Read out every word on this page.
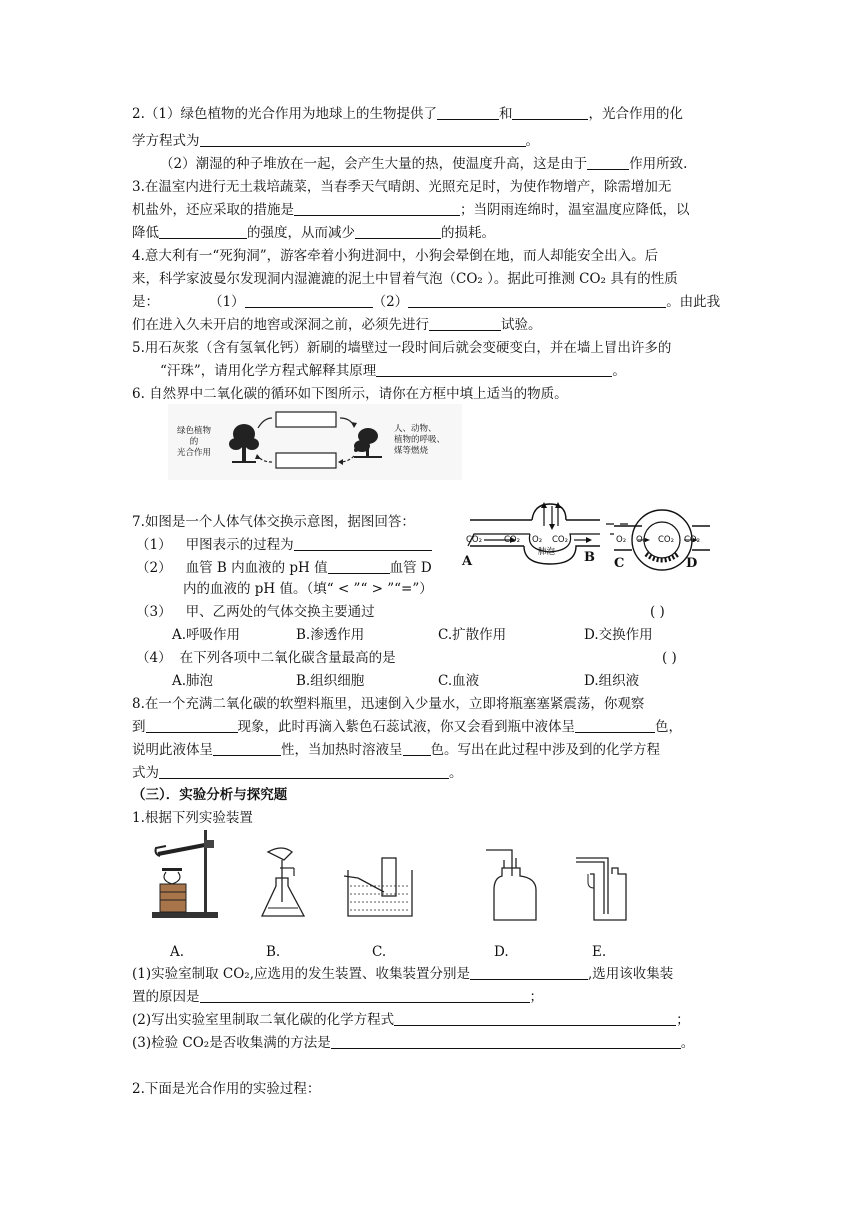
2.（1）绿色植物的光合作用为地球上的生物提供了	和	，光合作用的化
学方程式为	。
（2）潮湿的种子堆放在一起，会产生大量的热，使温度升高，这是由于	作用所致.
3.在温室内进行无土栽培蔬菜，当春季天气晴朗、光照充足时，为使作物增产，除需增加无
机盐外，还应采取的措施是	；当阴雨连绵时，温室温度应降低，以
降低	的强度，从而减少	的损耗。
4.意大利有一“死狗洞”，游客牵着小狗进洞中，小狗会晕倒在地，而人却能安全出入。后
来，科学家波曼尔发现洞内湿漉漉的泥土中冒着气泡（CO₂ ）。据此可推测 CO₂ 具有的性质
是：	（1）	（2）	。由此我
们在进入久未开启的地窖或深洞之前，必须先进行	试验。
5.用石灰浆（含有氢氧化钙）新刷的墙壁过一段时间后就会变硬变白，并在墙上冒出许多的
“汗珠”，请用化学方程式解释其原理	。
6. 自然界中二氧化碳的循环如下图所示，请你在方框中填上适当的物质。
绿色植物
的
光合作用
人、动物、
植物的呼吸、
煤等燃烧
7.如图是一个人体气体交换示意图，据图回答：
（1） 甲图表示的过程为
（2） 血管 B 内血液的 pH 值	血管 D
内的血液的 pH 值。（填“ < ”“ > ”“=”）
（3） 甲、乙两处的气体交换主要通过	( )
A.呼吸作用	B.渗透作用	C.扩散作用	D.交换作用
（4） 在下列各项中二氧化碳含量最高的是	( )
A.肺泡	B.组织细胞	C.血液	D.组织液
CO₂	CO₂ O₂ CO₂
肺泡
A	B
O₂ O₂ CO₂ CO₂
C	D
8.在一个充满二氧化碳的软塑料瓶里，迅速倒入少量水，立即将瓶塞塞紧震荡，你观察
到	现象，此时再滴入紫色石蕊试液，你又会看到瓶中液体呈	色，
说明此液体呈	性，当加热时溶液呈 色。写出在此过程中涉及到的化学方程
式为	。
（三）．实验分析与探究题
1.根据下列实验装置
A.	B.	C.	D.	E.
(1)实验室制取 CO₂,应选用的发生装置、收集装置分别是	,选用该收集装
置的原因是	；
(2)写出实验室里制取二氧化碳的化学方程式	；
(3)检验 CO₂是否收集满的方法是	。
2.下面是光合作用的实验过程：
